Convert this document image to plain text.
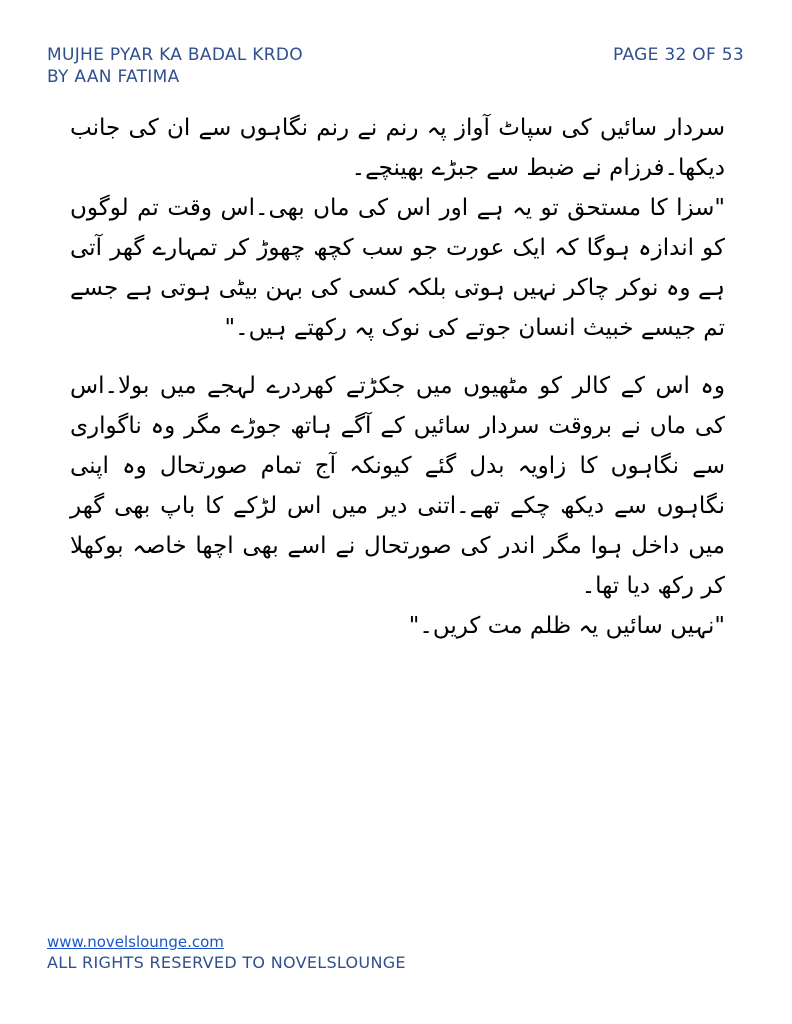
MUJHE PYAR KA BADAL KRDO
BY AAN FATIMA
PAGE 32 OF 53

سردار سائیں کی سپاٹ آواز پہ رنم نے رنم نگاہوں سے ان کی جانب دیکھا۔فرزام نے ضبط سے جبڑے بھینچے۔

"سزا کا مستحق تو یہ ہے اور اس کی ماں بھی۔اس وقت تم لوگوں کو اندازہ ہوگا کہ ایک عورت جو سب کچھ چھوڑ کر تمہارے گھر آتی ہے وہ نوکر چاکر نہیں ہوتی بلکہ کسی کی بہن بیٹی ہوتی ہے جسے تم جیسے خبیث انسان جوتے کی نوک پہ رکھتے ہیں۔"

وہ اس کے کالر کو مٹھیوں میں جکڑتے کھردرے لہجے میں بولا۔اس کی ماں نے بروقت سردار سائیں کے آگے ہاتھ جوڑے مگر وہ ناگواری سے نگاہوں کا زاویہ بدل گئے کیونکہ آج تمام صورتحال وہ اپنی نگاہوں سے دیکھ چکے تھے۔اتنی دیر میں اس لڑکے کا باپ بھی گھر میں داخل ہوا مگر اندر کی صورتحال نے اسے بھی اچھا خاصہ بوکھلا کر رکھ دیا تھا۔

"نہیں سائیں یہ ظلم مت کریں۔"

www.novelslounge.com
ALL RIGHTS RESERVED TO NOVELSLOUNGE
